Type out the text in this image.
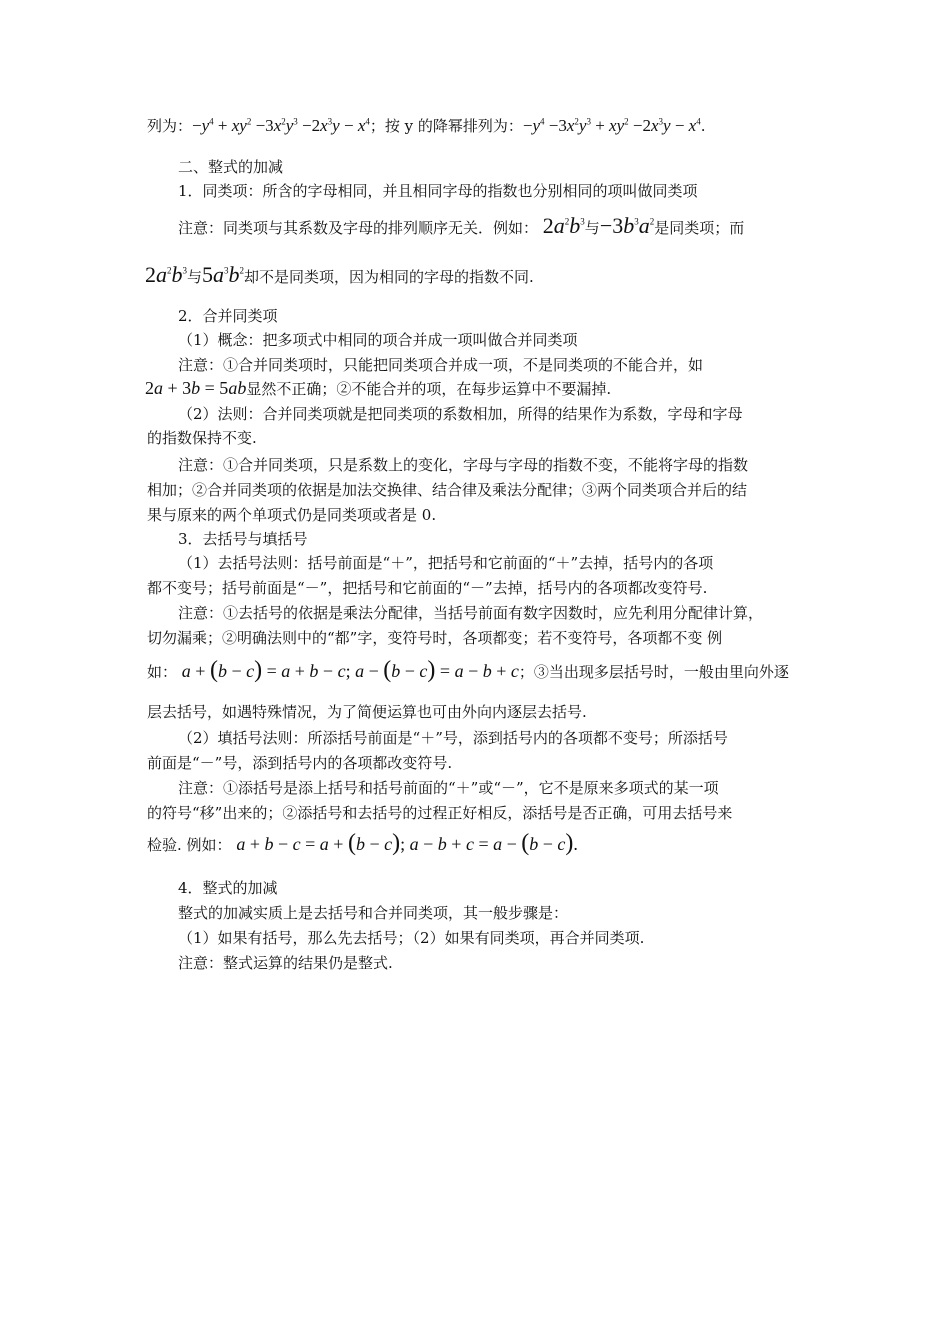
列为：$-y^4 + xy^2 -3x^2y^3 -2x^3y - x^4$；按 y 的降幂排列为：$-y^4 -3x^2y^3 + xy^2 -2x^3y - x^4$.
二、整式的加减
1．同类项：所含的字母相同，并且相同字母的指数也分别相同的项叫做同类项
注意：同类项与其系数及字母的排列顺序无关．例如： $2a^2b^3$与$-3b^3a^2$是同类项；而
$2a^2b^3$与$5a^3b^2$却不是同类项，因为相同的字母的指数不同.
2．合并同类项
（1）概念：把多项式中相同的项合并成一项叫做合并同类项
注意：①合并同类项时，只能把同类项合并成一项，不是同类项的不能合并，如
2a + 3b = 5ab显然不正确；②不能合并的项，在每步运算中不要漏掉.
（2）法则：合并同类项就是把同类项的系数相加，所得的结果作为系数，字母和字母
的指数保持不变.
注意：①合并同类项，只是系数上的变化，字母与字母的指数不变，不能将字母的指数
相加；②合并同类项的依据是加法交换律、结合律及乘法分配律；③两个同类项合并后的结
果与原来的两个单项式仍是同类项或者是 0.
3．去括号与填括号
（1）去括号法则：括号前面是“＋”，把括号和它前面的“＋”去掉，括号内的各项
都不变号；括号前面是“－”，把括号和它前面的“－”去掉，括号内的各项都改变符号.
注意：①去括号的依据是乘法分配律，当括号前面有数字因数时，应先利用分配律计算，
切勿漏乘；②明确法则中的“都”字，变符号时，各项都变；若不变符号，各项都不变 例
如： a + (b − c) = a + b − c; a − (b − c) = a − b + c；③当出现多层括号时，一般由里向外逐
层去括号，如遇特殊情况，为了简便运算也可由外向内逐层去括号.
（2）填括号法则：所添括号前面是“＋”号，添到括号内的各项都不变号；所添括号
前面是“－”号，添到括号内的各项都改变符号.
注意：①添括号是添上括号和括号前面的“＋”或“－”，它不是原来多项式的某一项
的符号“移”出来的；②添括号和去括号的过程正好相反，添括号是否正确，可用去括号来
检验. 例如： a + b − c = a + (b − c); a − b + c = a − (b − c).
4．整式的加减
整式的加减实质上是去括号和合并同类项，其一般步骤是：
（1）如果有括号，那么先去括号；（2）如果有同类项，再合并同类项.
注意：整式运算的结果仍是整式.
